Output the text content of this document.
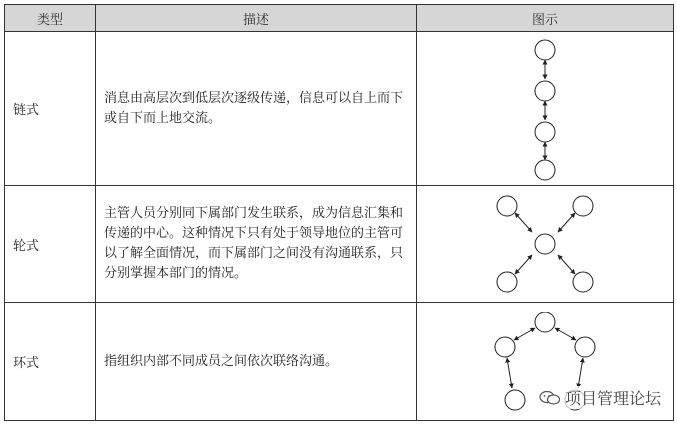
类型	描述	图示
链式	消息由高层次到低层次逐级传递，信息可以自上而下或自下而上地交流。

轮式	主管人员分别同下属部门发生联系，成为信息汇集和传递的中心。这种情况下只有处于领导地位的主管可以了解全面情况，而下属部门之间没有沟通联系，只分别掌握本部门的情况。

环式	指组织内部不同成员之间依次联络沟通。

项目管理论坛
